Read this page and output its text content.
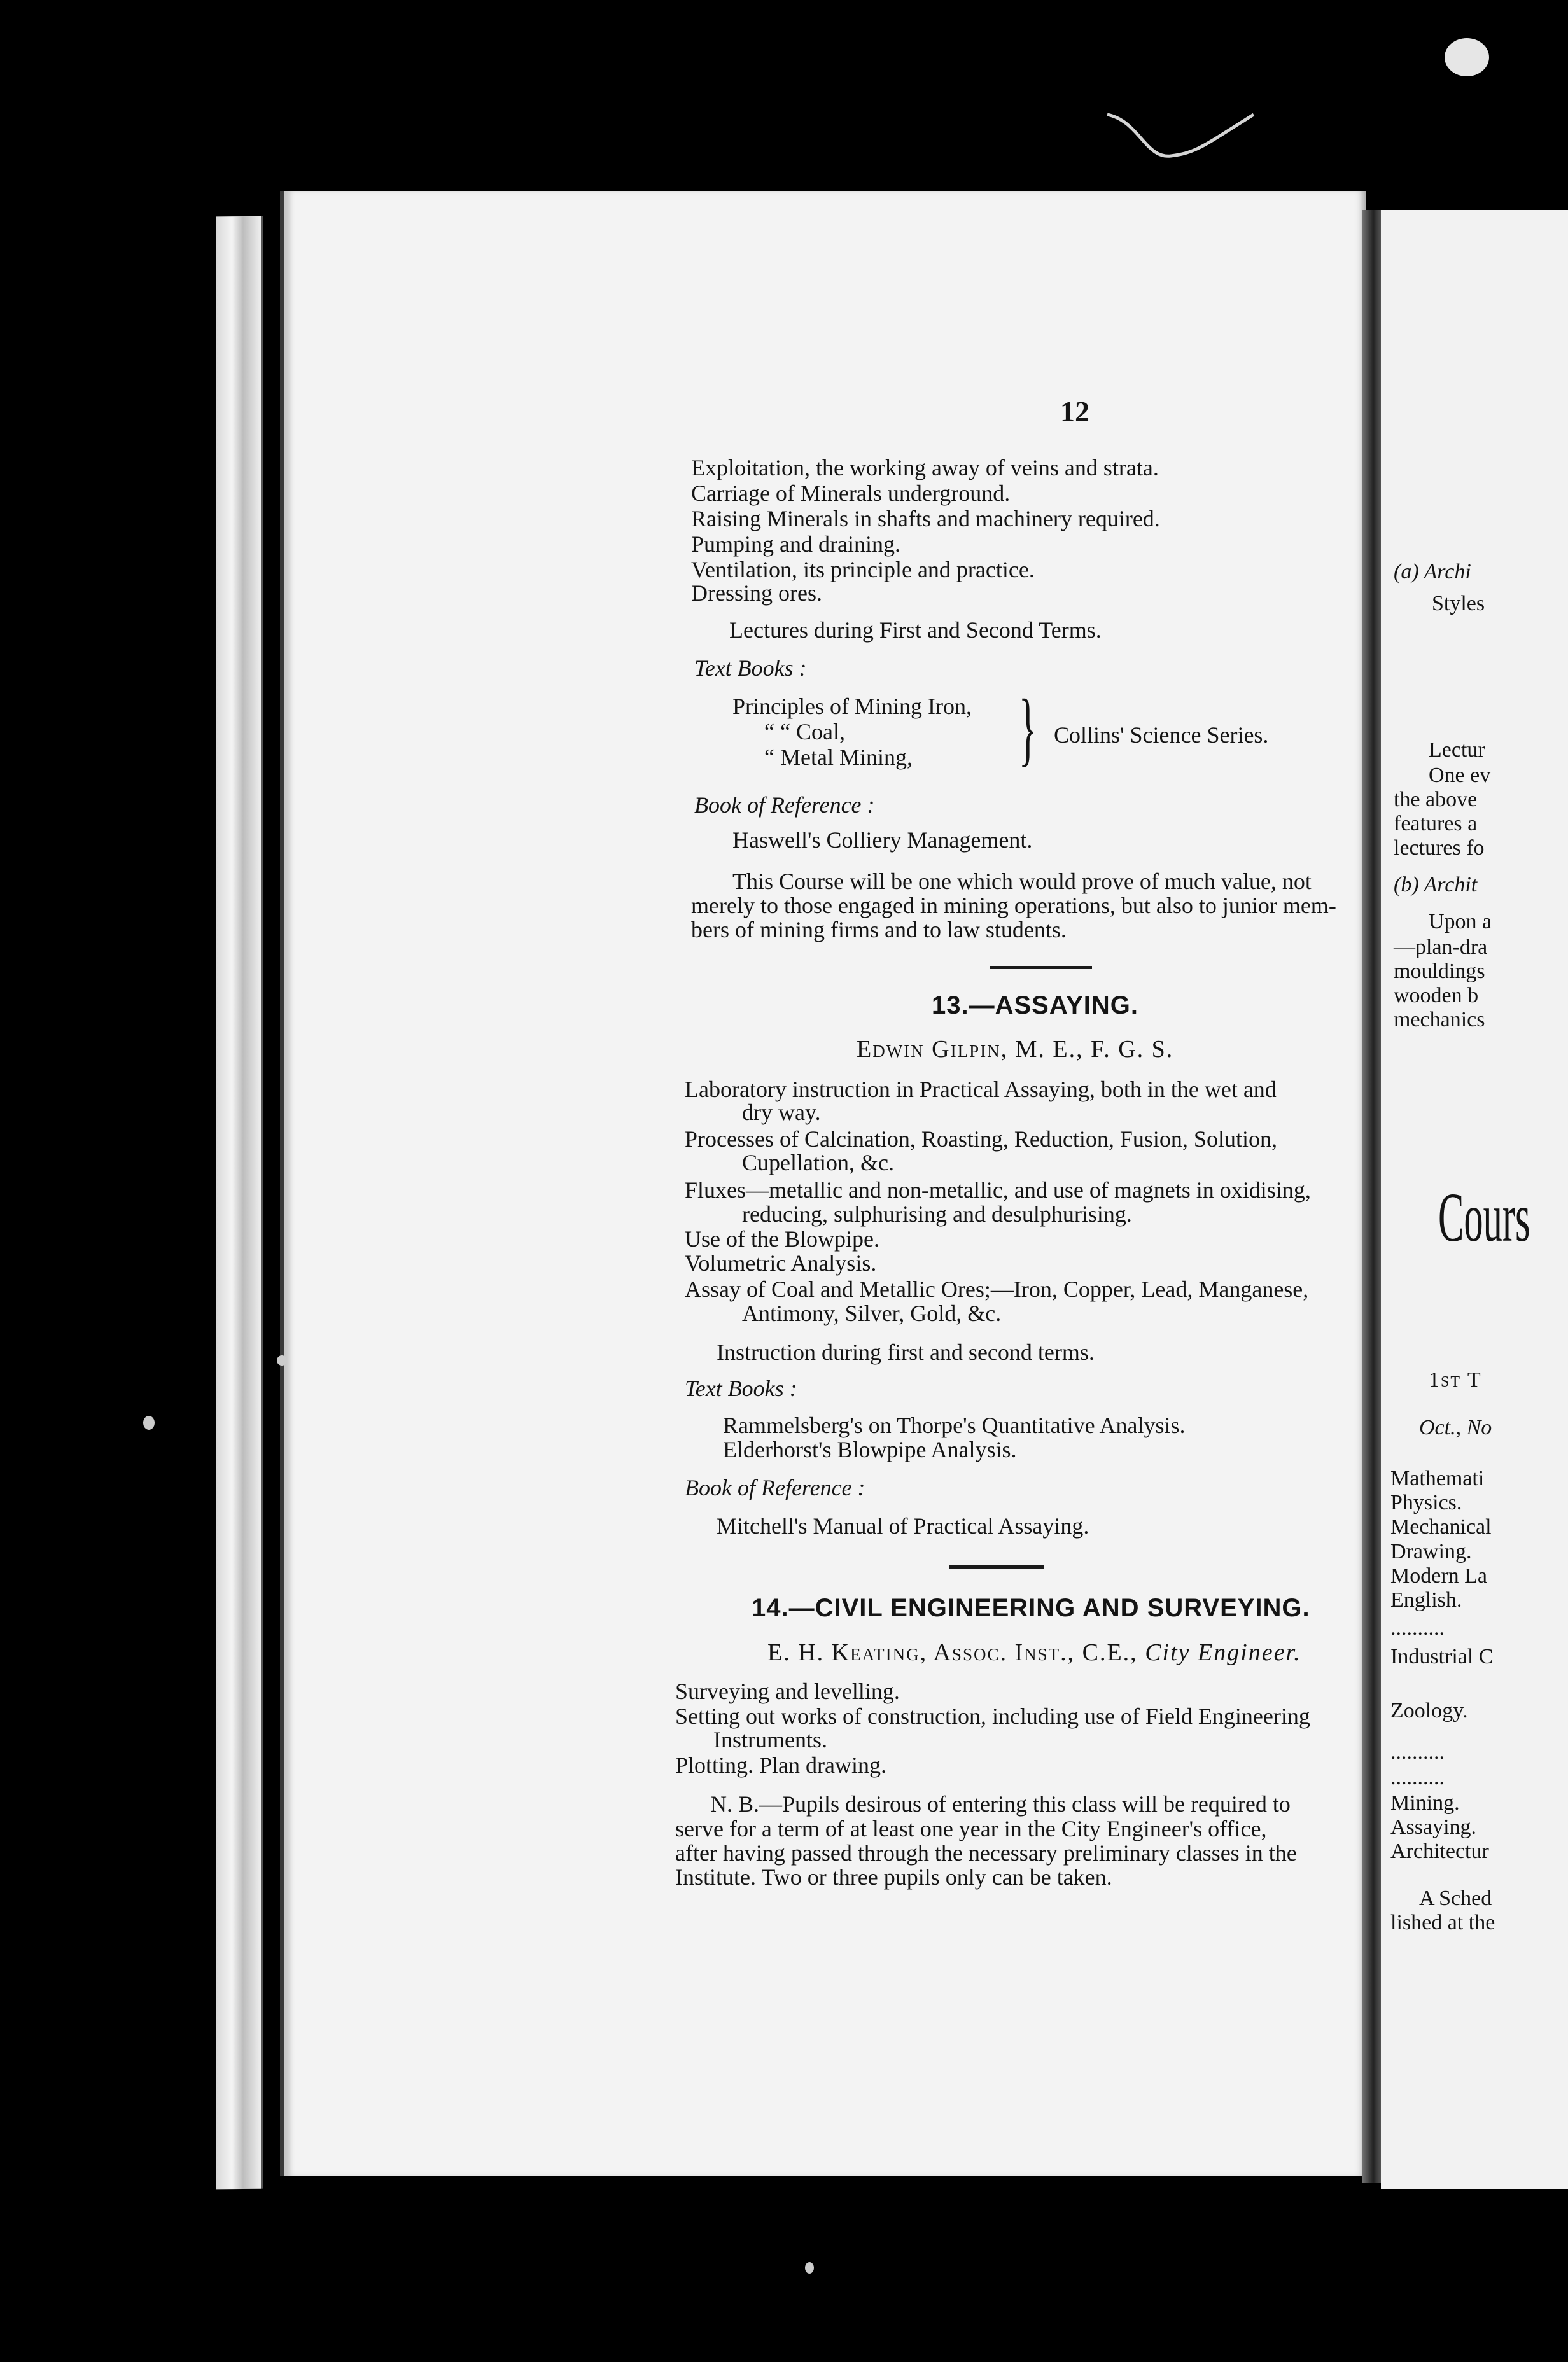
12
Exploitation, the working away of veins and strata.
Carriage of Minerals underground.
Raising Minerals in shafts and machinery required.
Pumping and draining.
Ventilation, its principle and practice.
Dressing ores.
Lectures during First and Second Terms.
Text Books :
Principles of Mining Iron,
“ “ Coal,
“ Metal Mining, } Collins' Science Series.
Book of Reference :
Haswell's Colliery Management.
This Course will be one which would prove of much value, not
merely to those engaged in mining operations, but also to junior mem-
bers of mining firms and to law students.
13.—ASSAYING.
Edwin Gilpin, M. E., F. G. S.
Laboratory instruction in Practical Assaying, both in the wet and
dry way.
Processes of Calcination, Roasting, Reduction, Fusion, Solution,
Cupellation, &c.
Fluxes—metallic and non-metallic, and use of magnets in oxidising,
reducing, sulphurising and desulphurising.
Use of the Blowpipe.
Volumetric Analysis.
Assay of Coal and Metallic Ores;—Iron, Copper, Lead, Manganese,
Antimony, Silver, Gold, &c.
Instruction during first and second terms.
Text Books :
Rammelsberg's on Thorpe's Quantitative Analysis.
Elderhorst's Blowpipe Analysis.
Book of Reference :
Mitchell's Manual of Practical Assaying.
14.—CIVIL ENGINEERING AND SURVEYING.
E. H. Keating, Assoc. Inst., C.E., City Engineer.
Surveying and levelling.
Setting out works of construction, including use of Field Engineering
Instruments.
Plotting. Plan drawing.
N. B.—Pupils desirous of entering this class will be required to
serve for a term of at least one year in the City Engineer's office,
after having passed through the necessary preliminary classes in the
Institute. Two or three pupils only can be taken.
(a) Archi
Styles
Lectur
One ev
the above
features a
lectures fo
(b) Archit
Upon a
—plan-dra
mouldings
wooden b
mechanics
Cours
1st T
Oct., No
Mathemati
Physics.
Mechanical
Drawing.
Modern La
English.
..........
Industrial C
Zoology.
..........
..........
Mining.
Assaying.
Architectur
A Sched
lished at the
